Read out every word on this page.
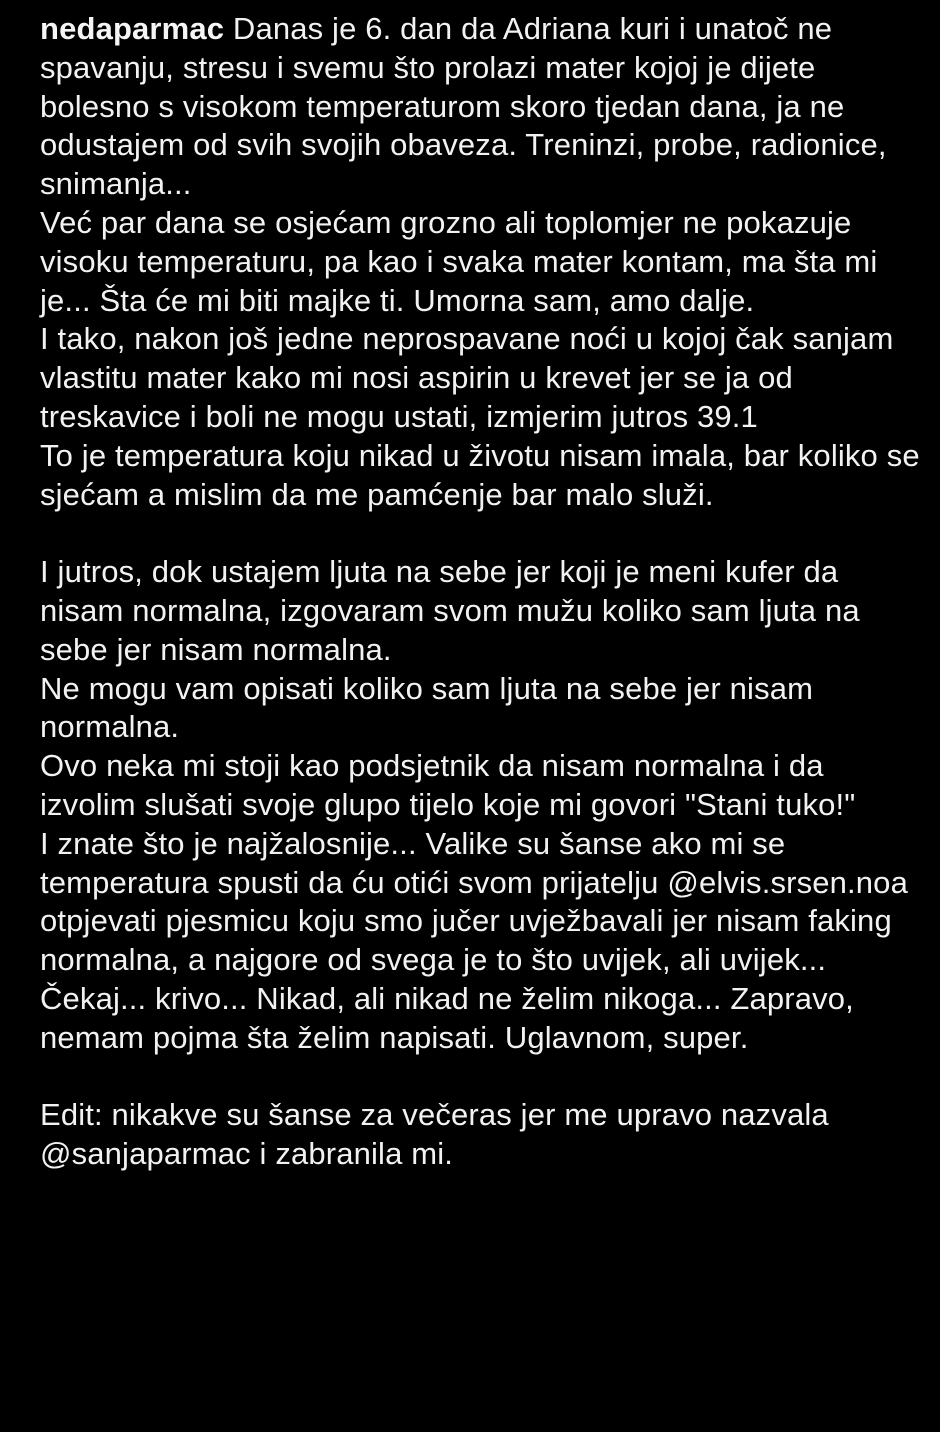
nedaparmac Danas je 6. dan da Adriana kuri i unatoč ne spavanju, stresu i svemu što prolazi mater kojoj je dijete bolesno s visokom temperaturom skoro tjedan dana, ja ne odustajem od svih svojih obaveza. Treninzi, probe, radionice, snimanja...

Već par dana se osjećam grozno ali toplomjer ne pokazuje visoku temperaturu, pa kao i svaka mater kontam, ma šta mi je... Šta će mi biti majke ti. Umorna sam, amo dalje.

I tako, nakon još jedne neprospavane noći u kojoj čak sanjam vlastitu mater kako mi nosi aspirin u krevet jer se ja od treskavice i boli ne mogu ustati, izmjerim jutros 39.1

To je temperatura koju nikad u životu nisam imala, bar koliko se sjećam a mislim da me pamćenje bar malo služi.

I jutros, dok ustajem ljuta na sebe jer koji je meni kufer da nisam normalna, izgovaram svom mužu koliko sam ljuta na sebe jer nisam normalna.

Ne mogu vam opisati koliko sam ljuta na sebe jer nisam normalna.

Ovo neka mi stoji kao podsjetnik da nisam normalna i da izvolim slušati svoje glupo tijelo koje mi govori "Stani tuko!"

I znate što je najžalosnije... Valike su šanse ako mi se temperatura spusti da ću otići svom prijatelju @elvis.srsen.noa otpjevati pjesmicu koju smo jučer uvježbavali jer nisam faking normalna, a najgore od svega je to što uvijek, ali uvijek... Čekaj... krivo... Nikad, ali nikad ne želim nikoga... Zapravo, nemam pojma šta želim napisati. Uglavnom, super.

Edit: nikakve su šanse za večeras jer me upravo nazvala @sanjaparmac i zabranila mi.
